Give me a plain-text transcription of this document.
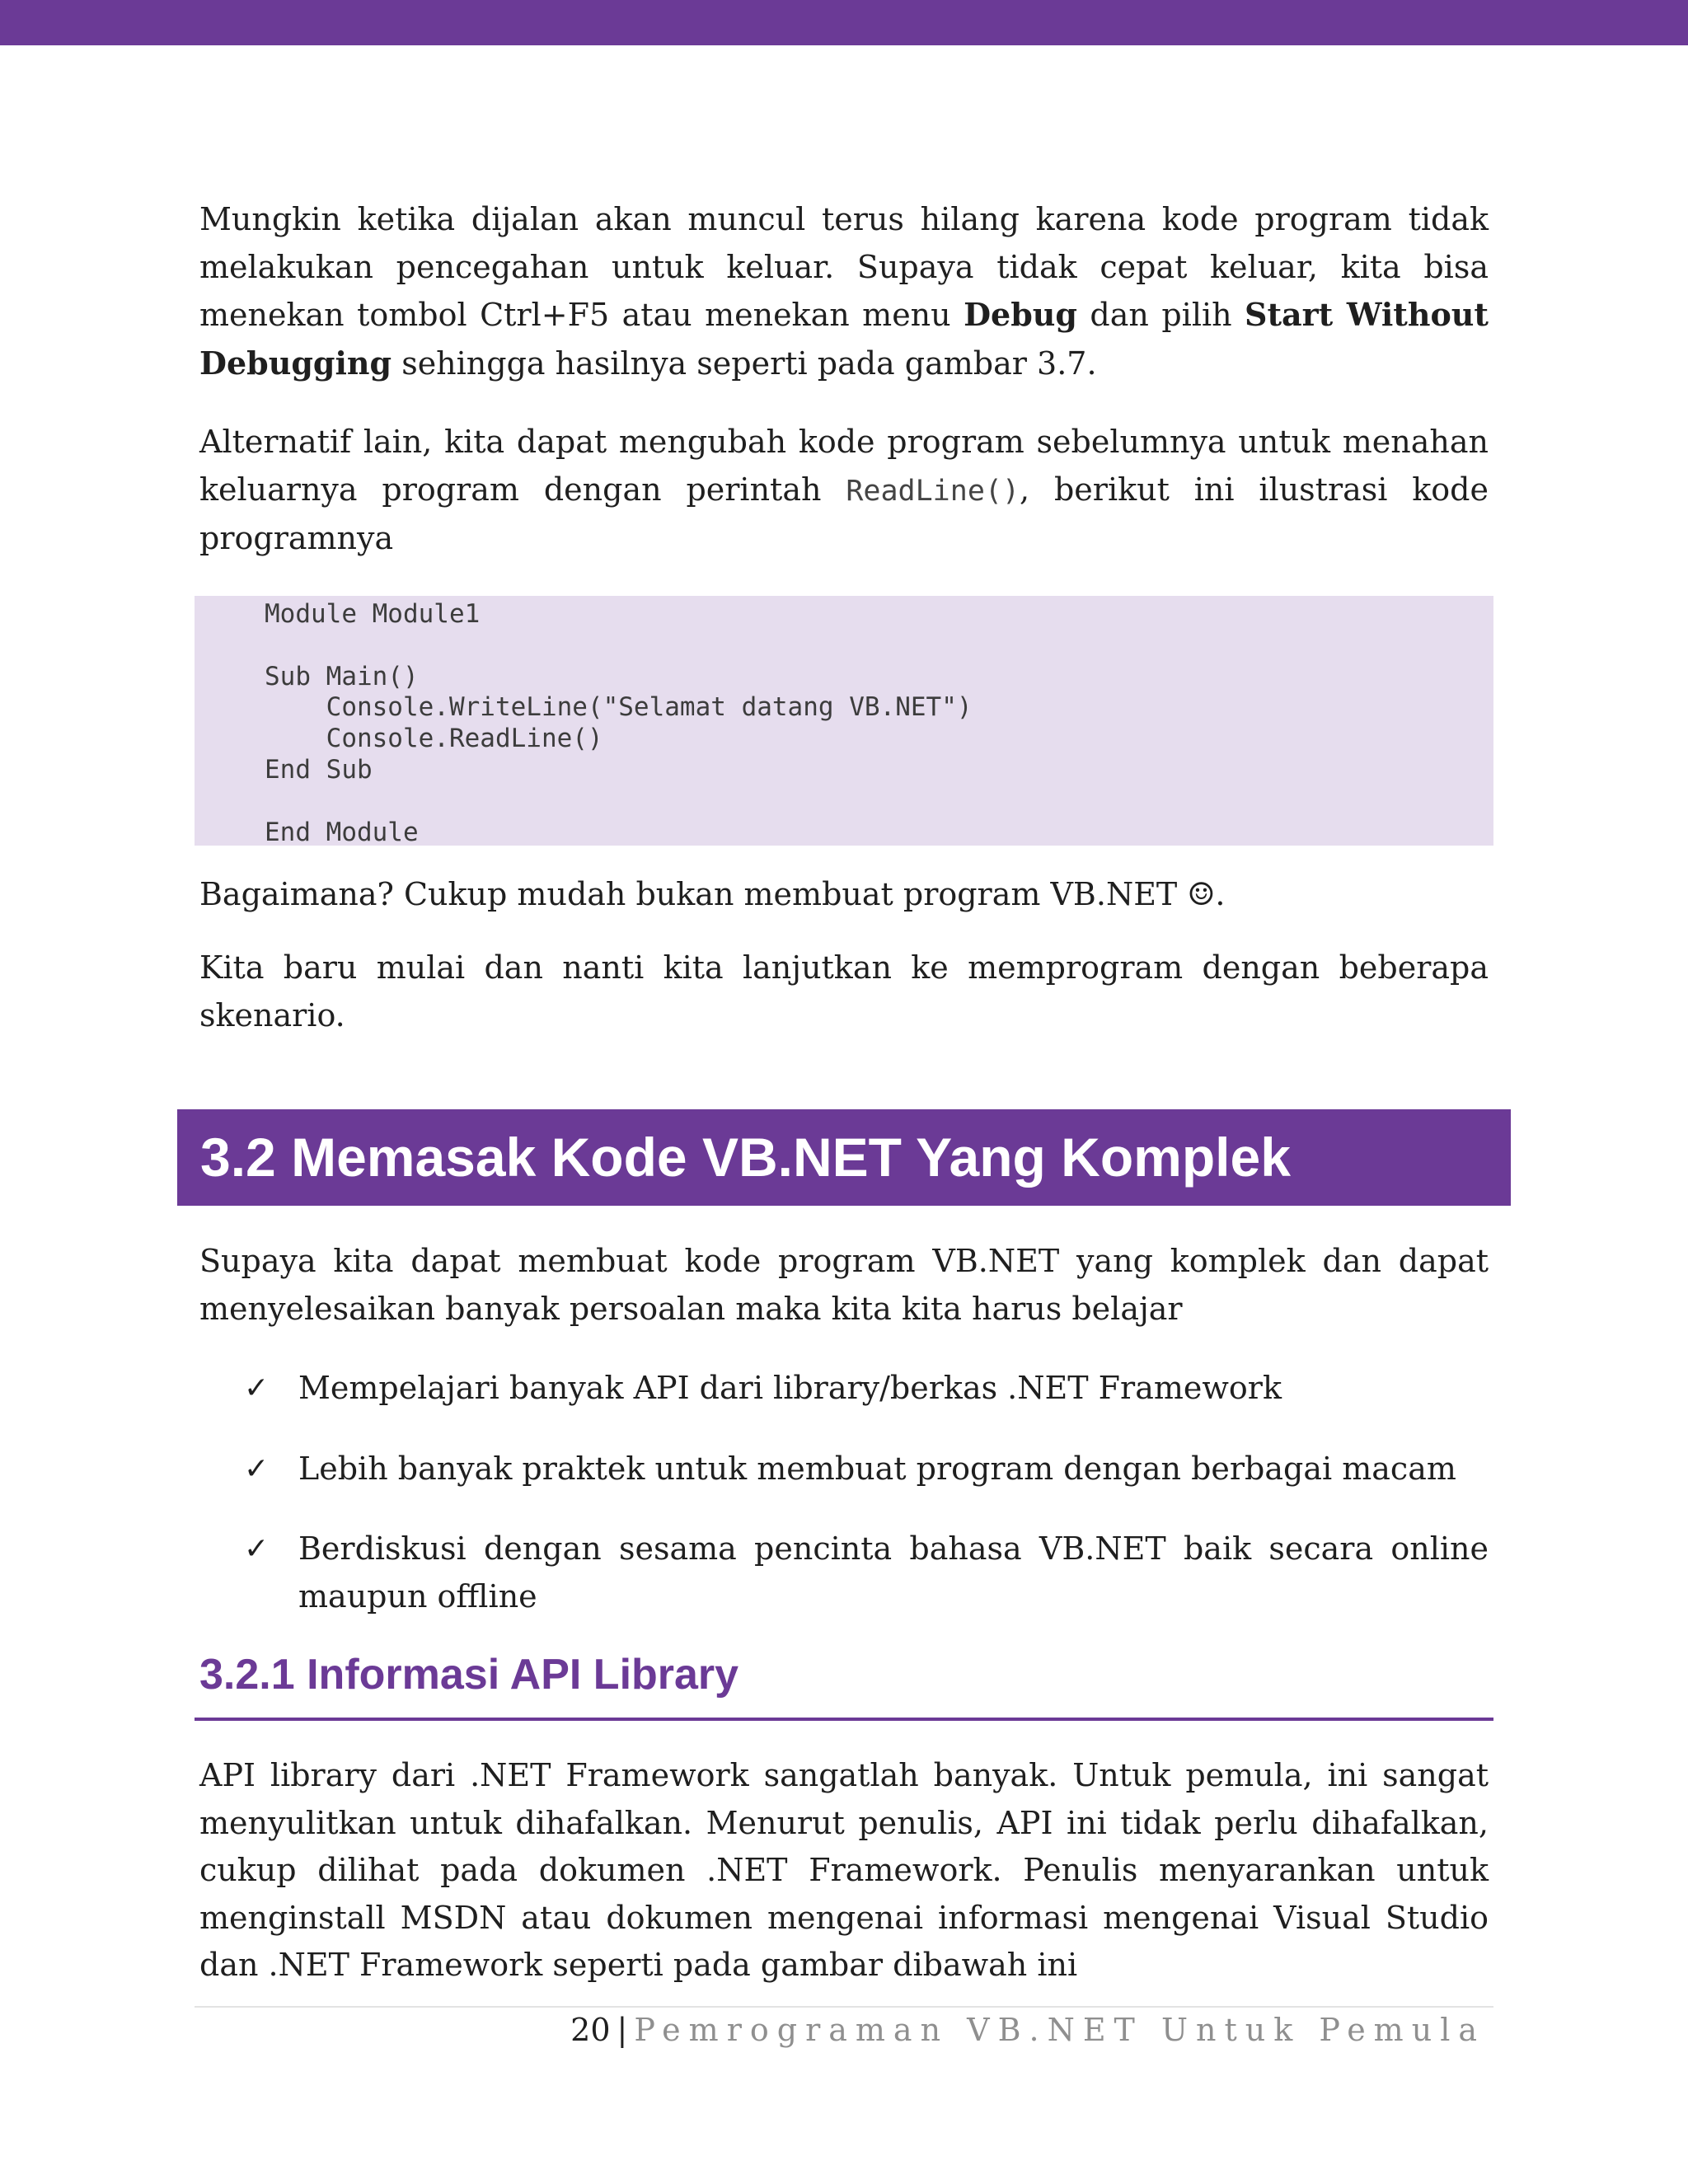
Mungkin ketika dijalan akan muncul terus hilang karena kode program tidak melakukan pencegahan untuk keluar. Supaya tidak cepat keluar, kita bisa menekan tombol Ctrl+F5 atau menekan menu Debug dan pilih Start Without Debugging sehingga hasilnya seperti pada gambar 3.7.

Alternatif lain, kita dapat mengubah kode program sebelumnya untuk menahan keluarnya program dengan perintah ReadLine(), berikut ini ilustrasi kode programnya

Module Module1

Sub Main()
Console.WriteLine("Selamat datang VB.NET")
Console.ReadLine()
End Sub

End Module

Bagaimana? Cukup mudah bukan membuat program VB.NET ☺.

Kita baru mulai dan nanti kita lanjutkan ke memprogram dengan beberapa skenario.

3.2 Memasak Kode VB.NET Yang Komplek

Supaya kita dapat membuat kode program VB.NET yang komplek dan dapat menyelesaikan banyak persoalan maka kita kita harus belajar

✓ Mempelajari banyak API dari library/berkas .NET Framework
✓ Lebih banyak praktek untuk membuat program dengan berbagai macam
✓ Berdiskusi dengan sesama pencinta bahasa VB.NET baik secara online maupun offline
3.2.1 Informasi API Library

API library dari .NET Framework sangatlah banyak. Untuk pemula, ini sangat menyulitkan untuk dihafalkan. Menurut penulis, API ini tidak perlu dihafalkan, cukup dilihat pada dokumen .NET Framework. Penulis menyarankan untuk menginstall MSDN atau dokumen mengenai informasi mengenai Visual Studio dan .NET Framework seperti pada gambar dibawah ini

20 | Pemrograman VB.NET Untuk Pemula
